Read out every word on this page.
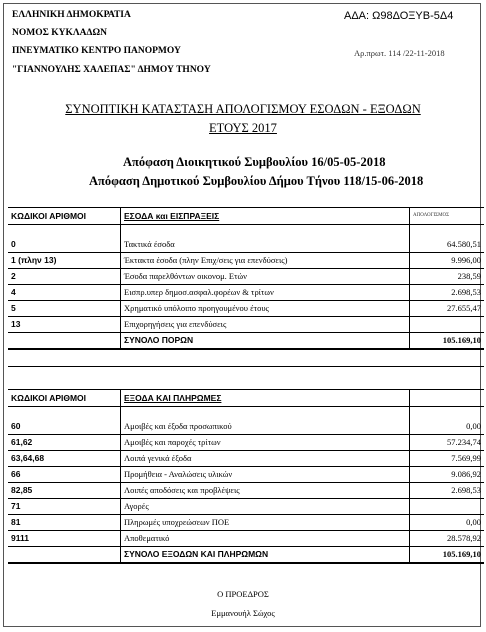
ΕΛΛΗΝΙΚΗ ΔΗΜΟΚΡΑΤΙΑ
ΝΟΜΟΣ ΚΥΚΛΑΔΩΝ
ΠΝΕΥΜΑΤΙΚΟ ΚΕΝΤΡΟ ΠΑΝΟΡΜΟΥ
"ΓΙΑΝΝΟΥΛΗΣ ΧΑΛΕΠΑΣ" ΔΗΜΟΥ ΤΗΝΟΥ
ΑΔΑ: Ω98ΔΟΞΥΒ-5Δ4
Αρ.πρωτ. 114 /22-11-2018
ΣΥΝΟΠΤΙΚΗ ΚΑΤΑΣΤΑΣΗ ΑΠΟΛΟΓΙΣΜΟΥ ΕΣΟΔΩΝ - ΕΞΟΔΩΝ
ΕΤΟΥΣ 2017
Απόφαση Διοικητικού Συμβουλίου 16/05-05-2018
Απόφαση Δημοτικού Συμβουλίου Δήμου Τήνου 118/15-06-2018
ΚΩΔΙΚΟΙ ΑΡΙΘΜΟΙ	ΕΣΟΔΑ και ΕΙΣΠΡΑΞΕΙΣ	ΑΠΟΛΟΓΙΣΜΟΣ

0	Τακτικά έσοδα	64.580,51
1 (πλην 13)	Έκτακτα έσοδα (πλην Επιχ/σεις για επενδύσεις)	9.996,00
2	Έσοδα παρελθόντων οικονομ. Ετών	238,59
4	Εισπρ.υπερ δημοσ.ασφαλ.φορέων & τρίτων	2.698,53
5	Χρηματικό υπόλοιπο προηγουμένου έτους	27.655,47
13	Επιχορηγήσεις για επενδύσεις	
	ΣΥΝΟΛΟ ΠΟΡΩΝ	105.169,10

ΚΩΔΙΚΟΙ ΑΡΙΘΜΟΙ	ΕΞΟΔΑ ΚΑΙ ΠΛΗΡΩΜΕΣ	

60	Αμοιβές και έξοδα προσωπικού	0,00
61,62	Αμοιβές και παροχές τρίτων	57.234,74
63,64,68	Λοιπά γενικά έξοδα	7.569,99
66	Προμήθεια - Αναλώσεις υλικών	9.086,92
82,85	Λοιπές αποδόσεις και προβλέψεις	2.698,53
71	Αγορές	
81	Πληρωμές υποχρεώσεων ΠΟΕ	0,00
9111	Αποθεματικό	28.578,92
	ΣΥΝΟΛΟ ΕΞΟΔΩΝ ΚΑΙ ΠΛΗΡΩΜΩΝ	105.169,10
Ο ΠΡΟΕΔΡΟΣ
Εμμανουήλ Σώχος
